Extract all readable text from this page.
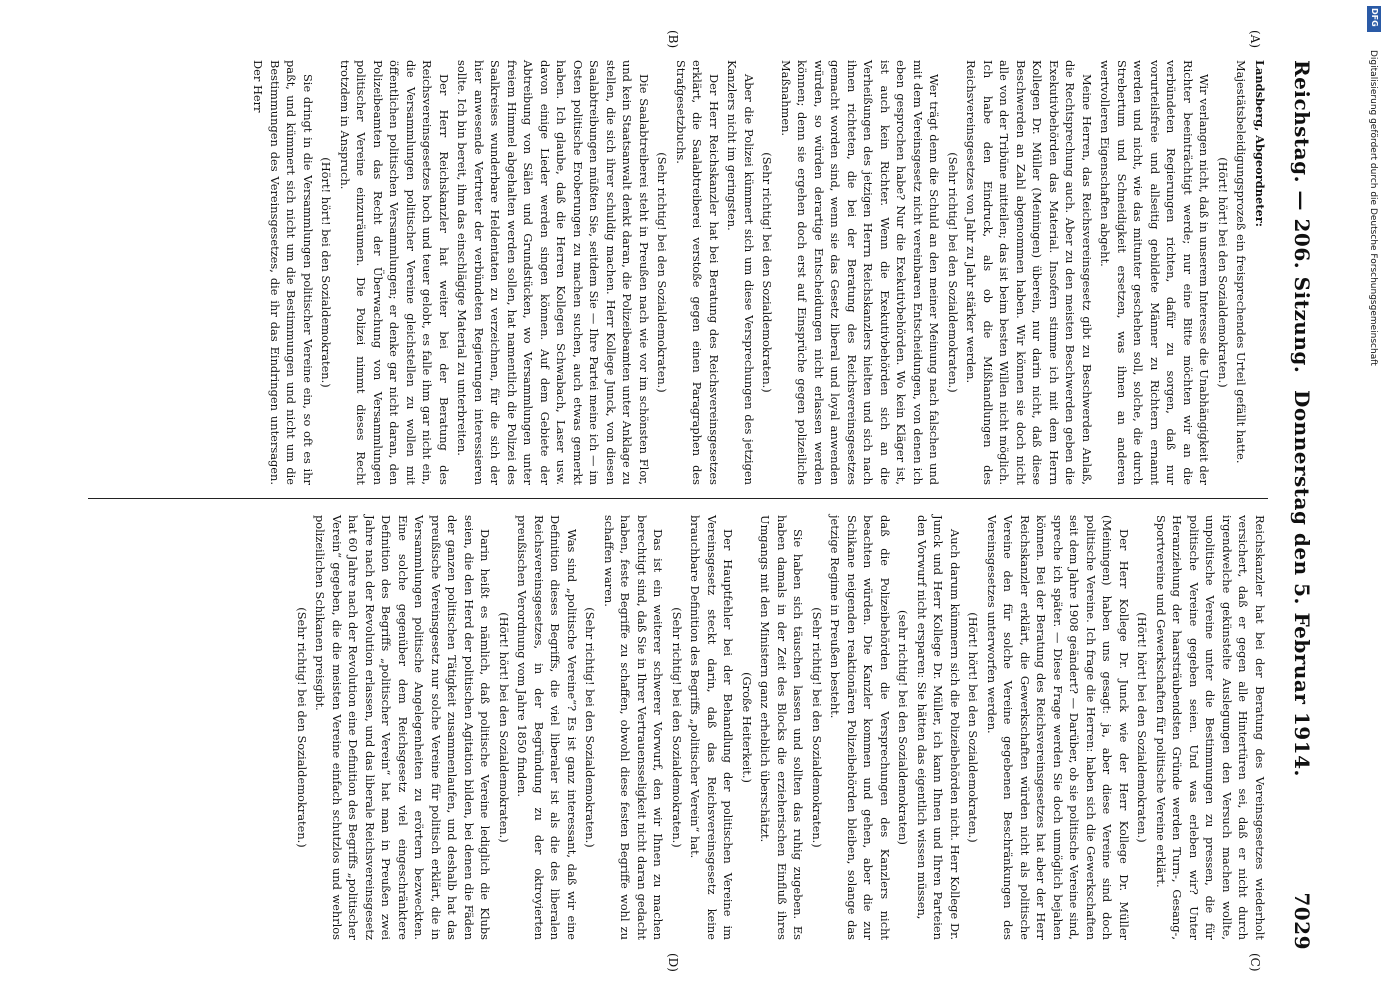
Reichstag. — 206. Sitzung.
Donnerstag den 5. Februar 1914.
7029
(A)
(B)
(C)
(D)

Landsberg, Abgeordneter:

Majestätsbeleidigungsprozeß ein freisprechendes Urteil gefällt hatte.

(Hört! hört! bei den Sozialdemokraten.)

Wir verlangen nicht, daß in unserem Interesse die Unabhängigkeit der Richter beeinträchtigt werde; nur eine Bitte möchten wir an die verbündeten Regierungen richten, dafür zu sorgen, daß nur vorurteilsfreie und allseitig gebildete Männer zu Richtern ernannt werden und nicht, wie das mitunter geschehen soll, solche, die durch Strebertum und Schneidigkeit ersetzen, was ihnen an anderen wertvolleren Eigenschaften abgeht.

Meine Herren, das Reichsvereinsgesetz gibt zu Beschwerden Anlaß, die Rechtsprechung auch. Aber zu den meisten Beschwerden geben die Exekutivbehörden das Material. Insofern stimme ich mit dem Herrn Kollegen Dr. Müller (Meiningen) überein, nur darin nicht, daß diese Beschwerden an Zahl abgenommen haben. Wir können sie doch nicht alle von der Tribüne mitteilen; das ist beim besten Willen nicht möglich. Ich habe den Eindruck, als ob die Mißhandlungen des Reichsvereinsgesetzes von Jahr zu Jahr stärker werden.

(Sehr richtig! bei den Sozialdemokraten.)

Wer trägt denn die Schuld an den meiner Meinung nach falschen und mit dem Vereinsgesetz nicht vereinbaren Entscheidungen, von denen ich eben gesprochen habe? Nur die Exekutivbehörden. Wo kein Kläger ist, ist auch kein Richter. Wenn die Exekutivbehörden sich an die Verheißungen des jetzigen Herrn Reichskanzlers hielten und sich nach ihnen richteten, die bei der Beratung des Reichsvereinsgesetzes gemacht worden sind, wenn sie das Gesetz liberal und loyal anwenden würden, so würden derartige Entscheidungen nicht erlassen werden können; denn sie ergehen doch erst auf Einsprüche gegen polizeiliche Maßnahmen.

(Sehr richtig! bei den Sozialdemokraten.)

Aber die Polizei kümmert sich um diese Versprechungen des jetzigen Kanzlers nicht im geringsten.

Der Herr Reichskanzler hat bei Beratung des Reichsvereinsgesetzes erklärt, die Saalabtreiberei verstoße gegen einen Paragraphen des Strafgesetzbuchs.

(Sehr richtig! bei den Sozialdemokraten.)

Die Saalabtreiberei steht in Preußen nach wie vor im schönsten Flor, und kein Staatsanwalt denkt daran, die Polizeibeamten unter Anklage zu stellen, die sich ihrer schuldig machen. Herr Kollege Junck, von diesen Saalabtreibungen müßten Sie, seitdem Sie — Ihre Partei meine ich — im Osten politische Eroberungen zu machen suchen, auch etwas gemerkt haben. Ich glaube, daß die Herren Kollegen Schwabach, Laser usw. davon einige Lieder werden singen können. Auf dem Gebiete der Abtreibung von Sälen und Grundstücken, wo Versammlungen unter freiem Himmel abgehalten werden sollen, hat namentlich die Polizei des Saalkreises wunderbare Heldentaten zu verzeichnen, für die sich der hier anwesende Vertreter der verbündeten Regierungen interessieren sollte. Ich bin bereit, ihm das einschlägige Material zu unterbreiten.

Der Herr Reichskanzler hat weiter bei der Beratung des Reichsvereinsgesetzes hoch und teuer gelobt, es falle ihm gar nicht ein, die Versammlungen politischer Vereine gleichstellen zu wollen mit öffentlichen politischen Versammlungen; er denke gar nicht daran, den Polizeibeamten das Recht der Überwachung von Versammlungen politischer Vereine einzuräumen. Die Polizei nimmt dieses Recht trotzdem in Anspruch.

(Hört! hört! bei den Sozialdemokraten.)

Sie dringt in die Versammlungen politischer Vereine ein, so oft es ihr paßt, und kümmert sich nicht um die Bestimmungen und nicht um die Bestimmungen des Vereinsgesetzes, die ihr das Eindringen untersagen. Der Herr

Reichskanzler hat bei der Beratung des Vereinsgesetzes wiederholt versichert, daß er gegen alle Hintertüren sei, daß er nicht durch irgendwelche gekünstelte Auslegungen den Versuch machen wollte, unpolitische Vereine unter die Bestimmungen zu pressen, die für politische Vereine gegeben seien. Und was erleben wir? Unter Heranziehung der haarsträubendsten Gründe werden Turn-, Gesang-, Sportvereine und Gewerkschaften für politische Vereine erklärt.

(Hört! hört! bei den Sozialdemokraten.)

Der Herr Kollege Dr. Junck wie der Herr Kollege Dr. Müller (Meiningen) haben uns gesagt: ja, aber diese Vereine sind doch politische Vereine. Ich frage die Herren: haben sich die Gewerkschaften seit dem Jahre 1908 geändert? — Darüber, ob sie politische Vereine sind, spreche ich später. — Diese Frage werden Sie doch unmöglich bejahen können. Bei der Beratung des Reichsvereinsgesetzes hat aber der Herr Reichskanzler erklärt, die Gewerkschaften würden nicht als politische Vereine den für solche Vereine gegebenen Beschränkungen des Vereinsgesetzes unterworfen werden.

(Hört! hört! bei den Sozialdemokraten.)

Auch darum kümmern sich die Polizeibehörden nicht. Herr Kollege Dr. Junck und Herr Kollege Dr. Müller, ich kann Ihnen und Ihren Parteien den Vorwurf nicht ersparen: Sie hätten das eigentlich wissen müssen,

(sehr richtig! bei den Sozialdemokraten)

daß die Polizeibehörden die Versprechungen des Kanzlers nicht beachten würden. Die Kanzler kommen und gehen, aber die zur Schikane neigenden reaktionären Polizeibehörden bleiben, solange das jetzige Regime in Preußen besteht.

(Sehr richtig! bei den Sozialdemokraten.)

Sie haben sich täuschen lassen und sollten das ruhig zugeben. Es haben damals in der Zeit des Blocks die erzieherischen Einfluß ihres Umgangs mit den Ministern ganz erheblich überschätzt.

(Große Heiterkeit.)

Der Hauptfehler bei der Behandlung der politischen Vereine im Vereinsgesetz steckt darin, daß das Reichsvereinsgesetz keine brauchbare Definition des Begriffs „politischer Verein“ hat.

(Sehr richtig! bei den Sozialdemokraten.)

Das ist ein weiterer schwerer Vorwurf, den wir Ihnen zu machen berechtigt sind, daß Sie in Ihrer Vertrauensseligkeit nicht daran gedacht haben, feste Begriffe zu schaffen, obwohl diese festen Begriffe wohl zu schaffen waren.

(Sehr richtig! bei den Sozialdemokraten.)

Was sind „politische Vereine“? Es ist ganz interessant, daß wir eine Definition dieses Begriffs, die viel liberaler ist als die des liberalen Reichsvereinsgesetzes, in der Begründung zu der oktroyierten preußischen Verordnung vom Jahre 1850 finden.

(Hört! hört! bei den Sozialdemokraten.)

Darin heißt es nämlich, daß politische Vereine lediglich die Klubs seien, die den Herd der politischen Agitation bilden, bei denen die Fäden der ganzen politischen Tätigkeit zusammenlaufen, und deshalb hat das preußische Vereinsgesetz nur solche Vereine für politisch erklärt, die in Versammlungen politische Angelegenheiten zu erörtern bezweckten. Eine solche gegenüber dem Reichsgesetz viel eingeschränktere Definition des Begriffs „politischer Verein“ hat man in Preußen zwei Jahre nach der Revolution erlassen, und das liberale Reichsvereinsgesetz hat 60 Jahre nach der Revolution eine Definition des Begriffs „politischer Verein“ gegeben, die die meisten Vereine einfach schutzlos und wehrlos polizeilichen Schikanen preisgibt.

(Sehr richtig! bei den Sozialdemokraten.)

DFG
Digitalisierung gefördert durch die Deutsche Forschungsgemeinschaft
